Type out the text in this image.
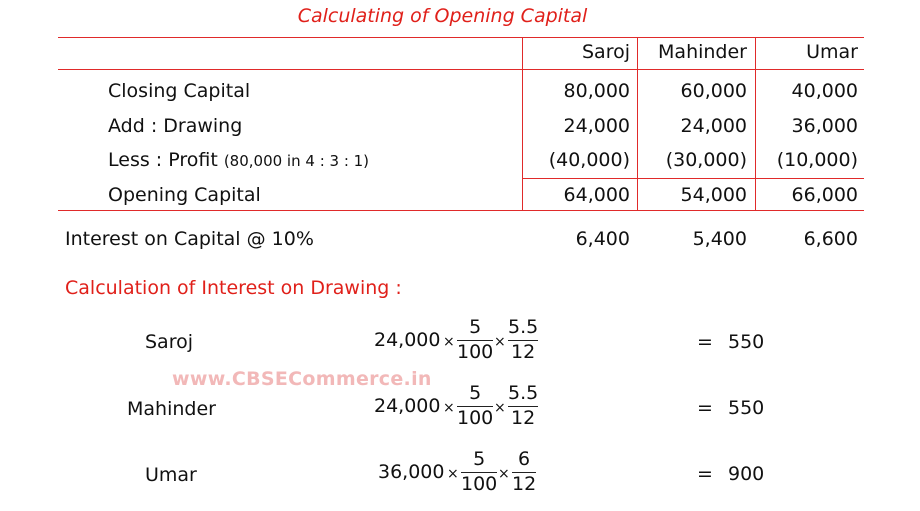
Calculating of Opening Capital
Saroj	Mahinder	Umar
Closing Capital	80,000	60,000	40,000
Add : Drawing	24,000	24,000	36,000
Less : Profit (80,000 in 4 : 3 : 1)	(40,000)	(30,000)	(10,000)
Opening Capital	64,000	54,000	66,000
Interest on Capital @ 10%	6,400	5,400	6,600
Calculation of Interest on Drawing :
www.CBSECommerce.in
Saroj	24,000 ×
5
100 ×
5.5
12	= 550
Mahinder	24,000 ×
5
100 ×
5.5
12	= 550
Umar	36,000 ×
5
100 ×
6
12	= 900
